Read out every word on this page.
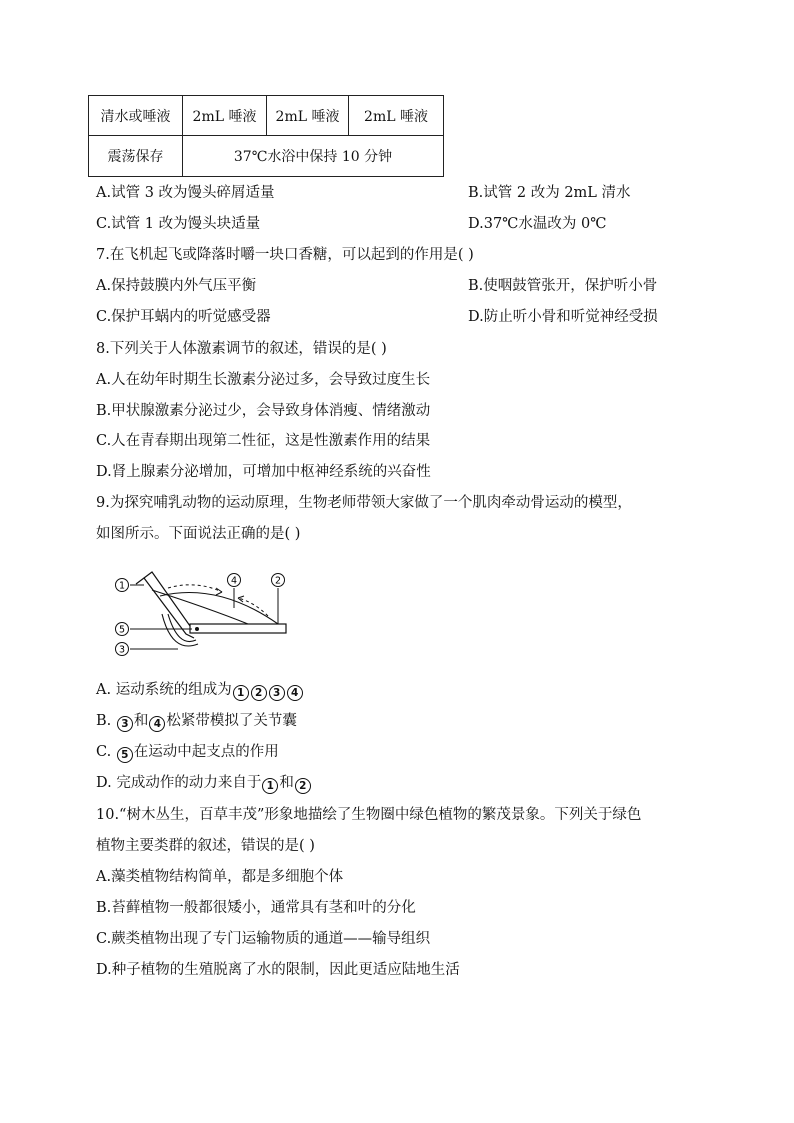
清水或唾液	2mL 唾液	2mL 唾液	2mL 唾液
震荡保存	37℃水浴中保持 10 分钟		
A.试管 3 改为馒头碎屑适量	B.试管 2 改为 2mL 清水
C.试管 1 改为馒头块适量	D.37℃水温改为 0℃
7.在飞机起飞或降落时嚼一块口香糖，可以起到的作用是( )
A.保持鼓膜内外气压平衡	B.使咽鼓管张开，保护听小骨
C.保护耳蜗内的听觉感受器	D.防止听小骨和听觉神经受损
8.下列关于人体激素调节的叙述，错误的是( )
A.人在幼年时期生长激素分泌过多，会导致过度生长
B.甲状腺激素分泌过少，会导致身体消瘦、情绪激动
C.人在青春期出现第二性征，这是性激素作用的结果
D.肾上腺素分泌增加，可增加中枢神经系统的兴奋性
9.为探究哺乳动物的运动原理，生物老师带领大家做了一个肌肉牵动骨运动的模型，
如图所示。下面说法正确的是( )
1	4	2
5
3
A. 运动系统的组成为 1 2 3 4
B. 3 和 4 松紧带模拟了关节囊
C. 5 在运动中起支点的作用
D. 完成动作的动力来自于 1 和 2
10.“树木丛生，百草丰茂”形象地描绘了生物圈中绿色植物的繁茂景象。下列关于绿色
植物主要类群的叙述，错误的是( )
A.藻类植物结构简单，都是多细胞个体
B.苔藓植物一般都很矮小，通常具有茎和叶的分化
C.蕨类植物出现了专门运输物质的通道——输导组织
D.种子植物的生殖脱离了水的限制，因此更适应陆地生活
